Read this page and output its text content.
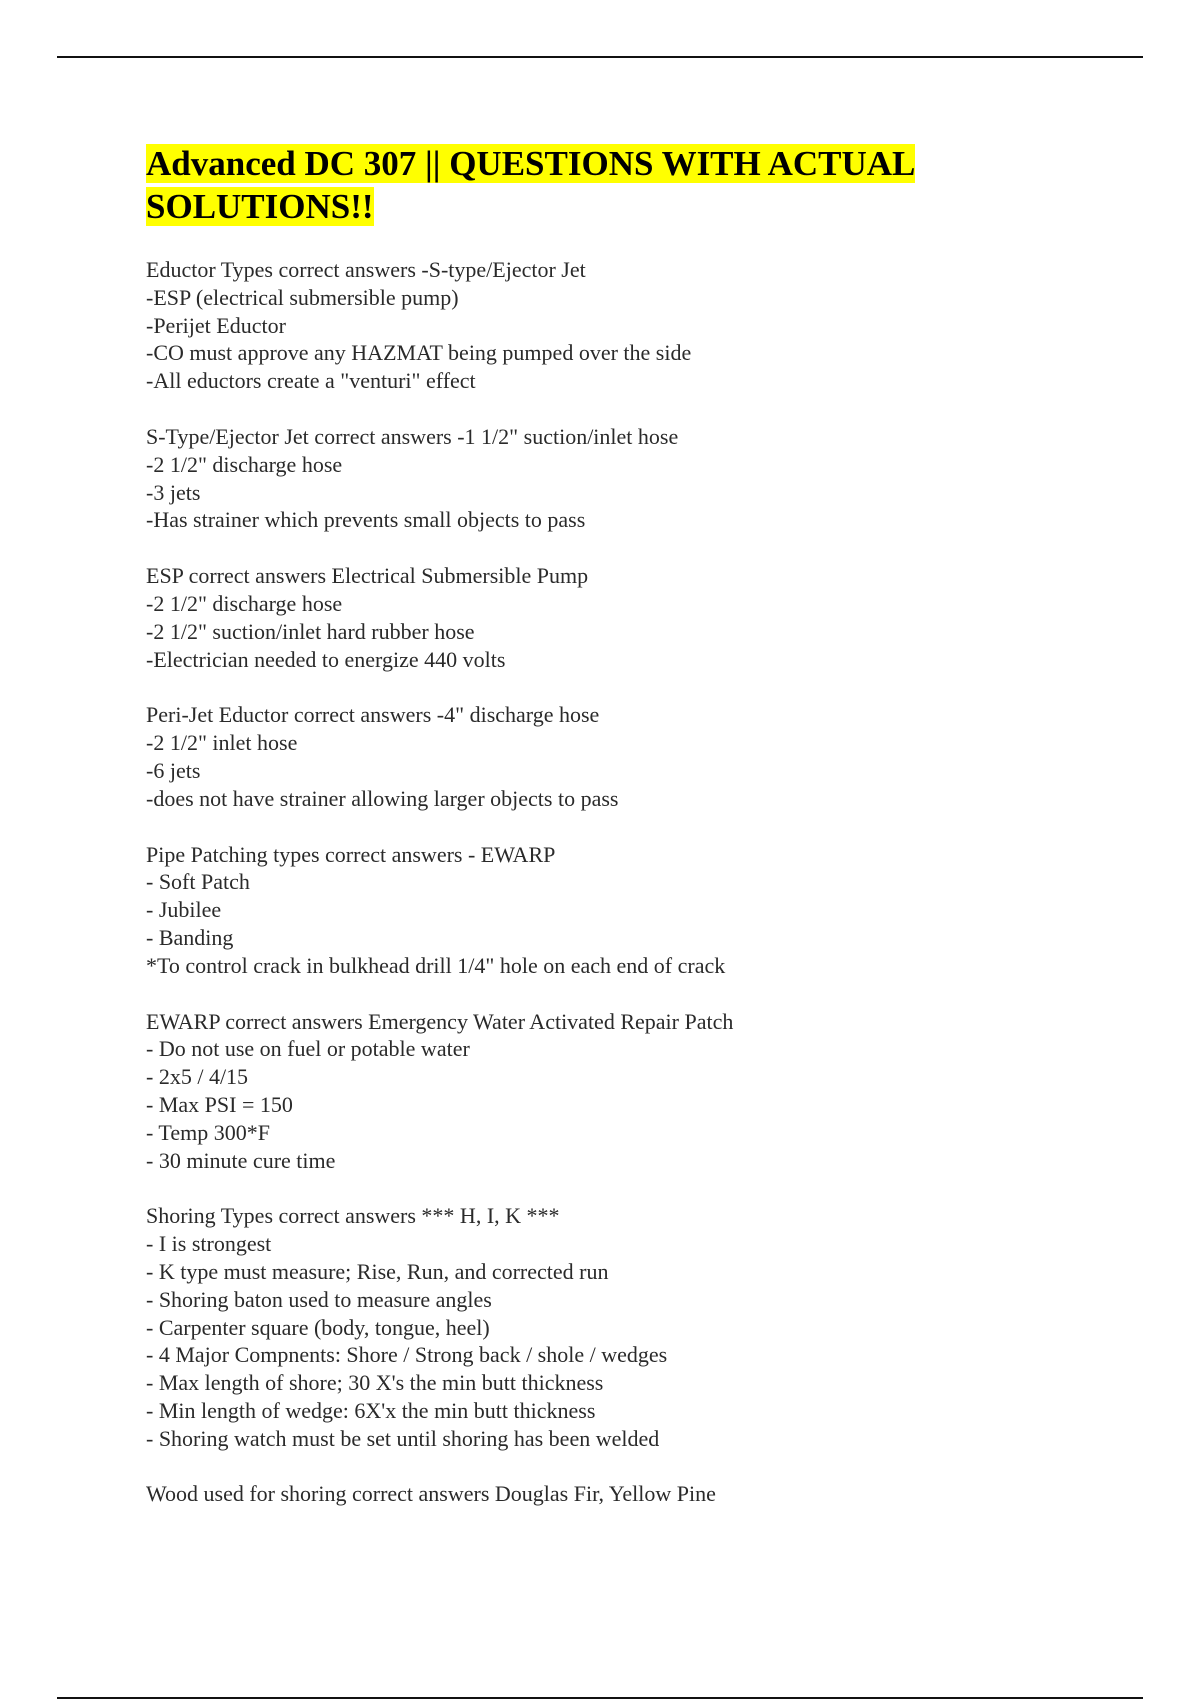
Advanced DC 307 || QUESTIONS WITH ACTUAL SOLUTIONS!!
Eductor Types correct answers -S-type/Ejector Jet
-ESP (electrical submersible pump)
-Perijet Eductor
-CO must approve any HAZMAT being pumped over the side
-All eductors create a "venturi" effect
S-Type/Ejector Jet correct answers -1 1/2" suction/inlet hose
-2 1/2" discharge hose
-3 jets
-Has strainer which prevents small objects to pass
ESP correct answers Electrical Submersible Pump
-2 1/2" discharge hose
-2 1/2" suction/inlet hard rubber hose
-Electrician needed to energize 440 volts
Peri-Jet Eductor correct answers -4" discharge hose
-2 1/2" inlet hose
-6 jets
-does not have strainer allowing larger objects to pass
Pipe Patching types correct answers - EWARP
- Soft Patch
- Jubilee
- Banding
*To control crack in bulkhead drill 1/4" hole on each end of crack
EWARP correct answers Emergency Water Activated Repair Patch
- Do not use on fuel or potable water
- 2x5 / 4/15
- Max PSI = 150
- Temp 300*F
- 30 minute cure time
Shoring Types correct answers *** H, I, K ***
- I is strongest
- K type must measure; Rise, Run, and corrected run
- Shoring baton used to measure angles
- Carpenter square (body, tongue, heel)
- 4 Major Compnents: Shore / Strong back / shole / wedges
- Max length of shore; 30 X's the min butt thickness
- Min length of wedge: 6X'x the min butt thickness
- Shoring watch must be set until shoring has been welded
Wood used for shoring correct answers Douglas Fir, Yellow Pine
